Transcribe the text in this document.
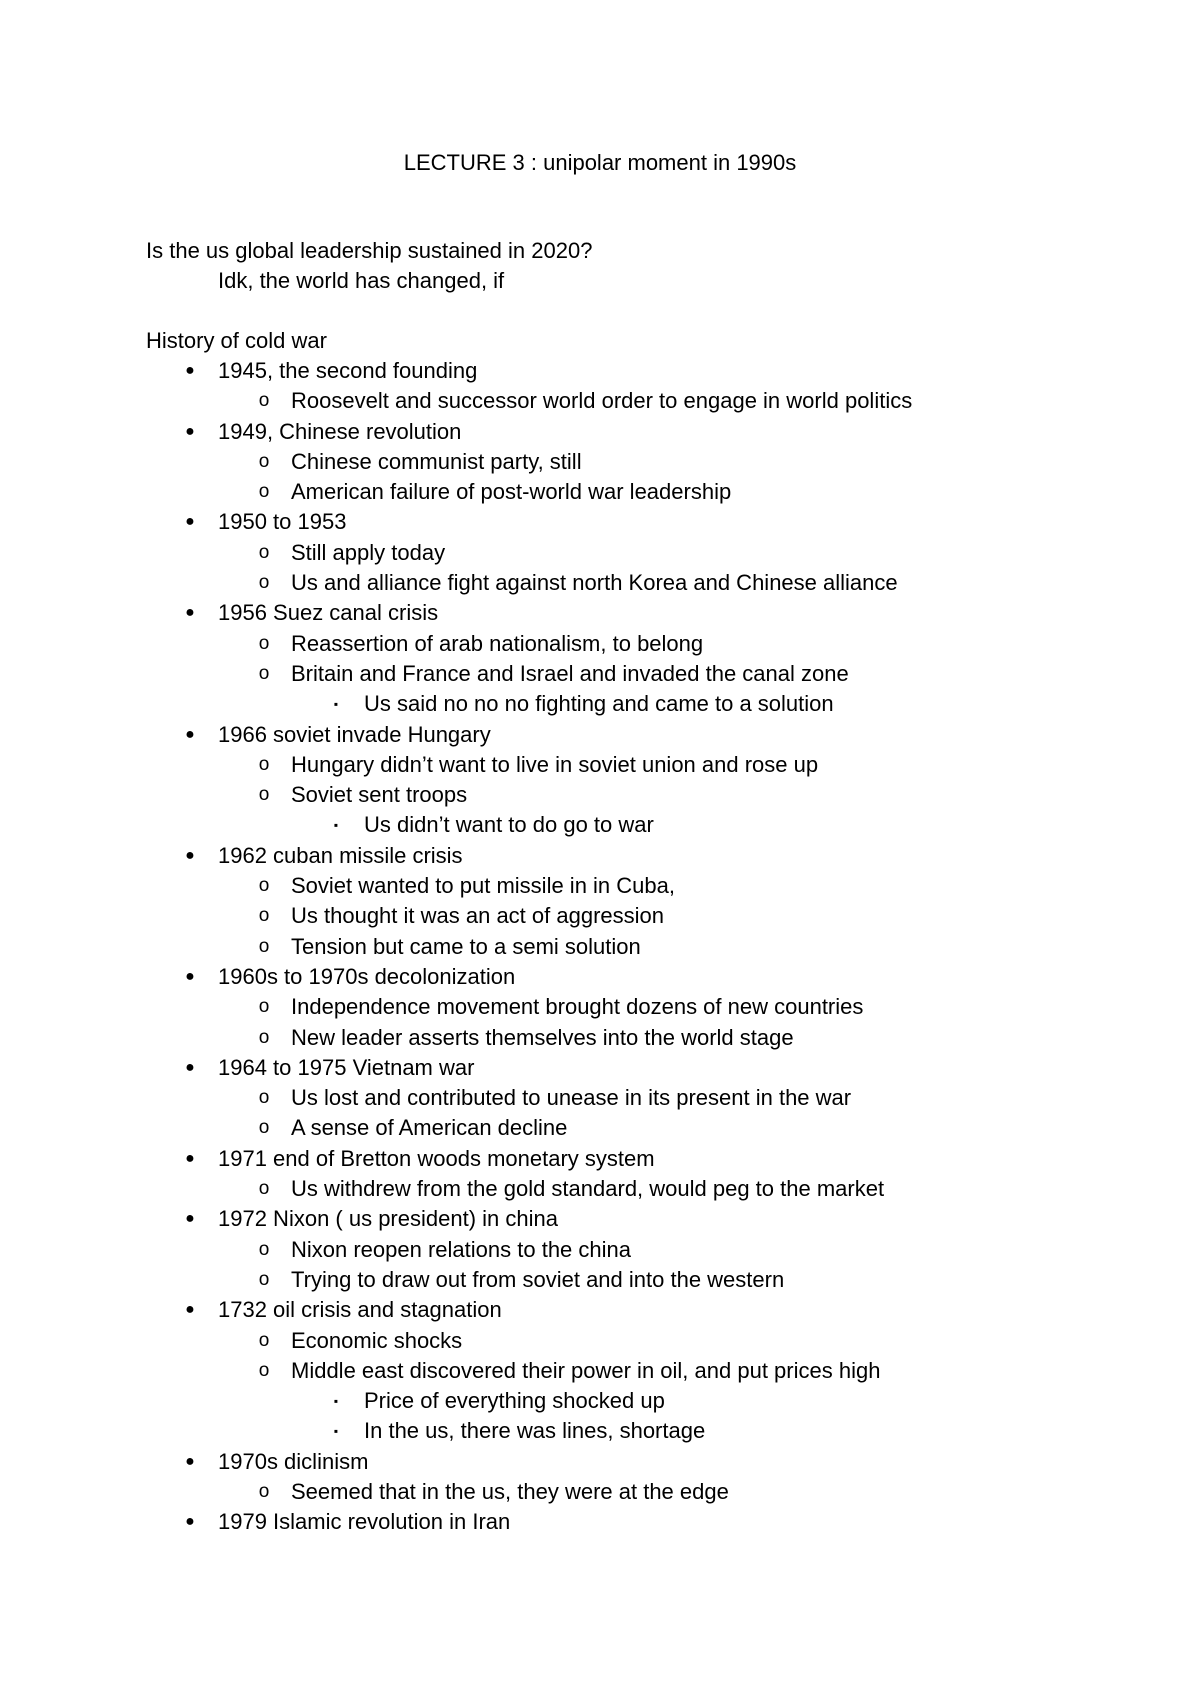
LECTURE 3 : unipolar moment in 1990s
Is the us global leadership sustained in 2020?
Idk, the world has changed, if
History of cold war
● 1945, the second founding
o Roosevelt and successor world order to engage in world politics
● 1949, Chinese revolution
o Chinese communist party, still
o American failure of post-world war leadership
● 1950 to 1953
o Still apply today
o Us and alliance fight against north Korea and Chinese alliance
● 1956 Suez canal crisis
o Reassertion of arab nationalism, to belong
o Britain and France and Israel and invaded the canal zone
▪	Us said no no no fighting and came to a solution
● 1966 soviet invade Hungary
o Hungary didn’t want to live in soviet union and rose up
o Soviet sent troops
▪	Us didn’t want to do go to war
● 1962 cuban missile crisis
o Soviet wanted to put missile in in Cuba,
o Us thought it was an act of aggression
o Tension but came to a semi solution
● 1960s to 1970s decolonization
o Independence movement brought dozens of new countries
o New leader asserts themselves into the world stage
● 1964 to 1975 Vietnam war
o Us lost and contributed to unease in its present in the war
o A sense of American decline
● 1971 end of Bretton woods monetary system
o Us withdrew from the gold standard, would peg to the market
● 1972 Nixon ( us president) in china
o Nixon reopen relations to the china
o Trying to draw out from soviet and into the western
● 1732 oil crisis and stagnation
o Economic shocks
o Middle east discovered their power in oil, and put prices high
▪	Price of everything shocked up
▪	In the us, there was lines, shortage
● 1970s diclinism
o Seemed that in the us, they were at the edge
● 1979 Islamic revolution in Iran
